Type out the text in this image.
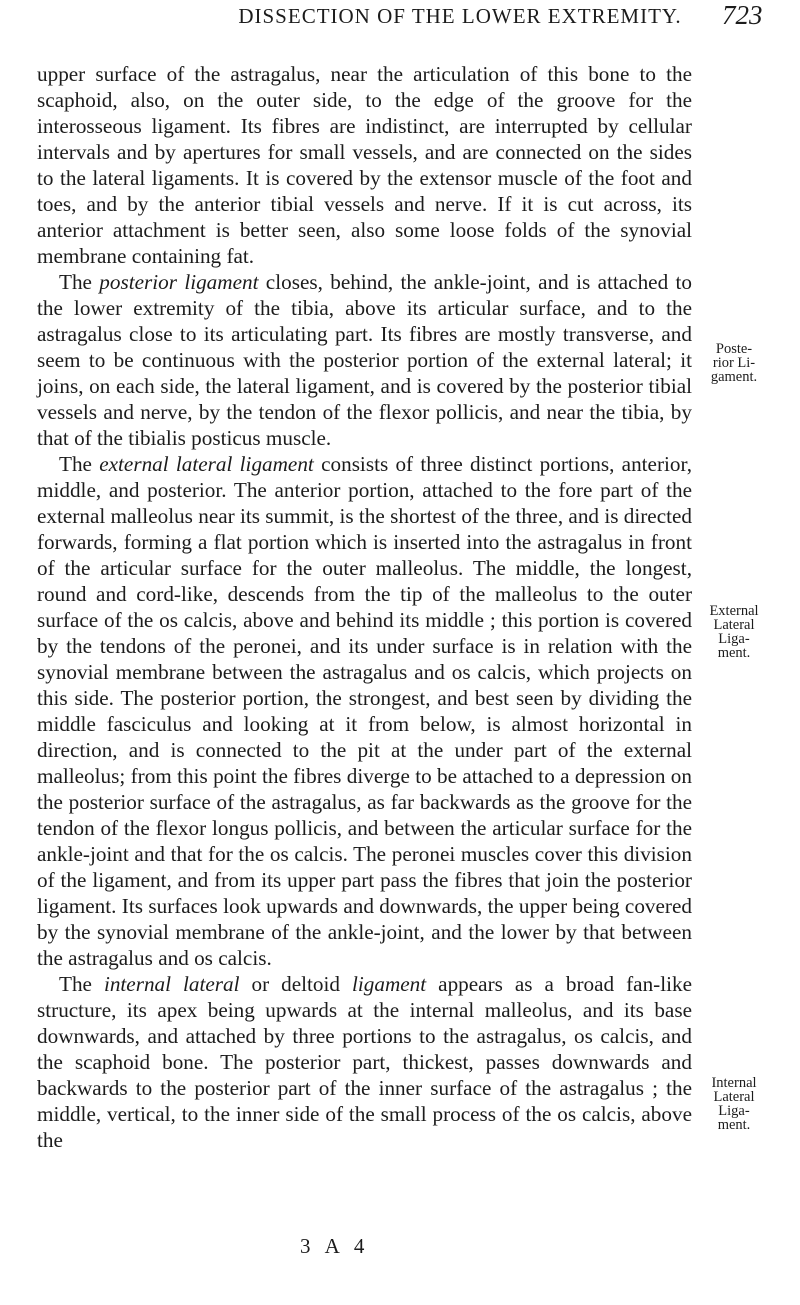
DISSECTION OF THE LOWER EXTREMITY.	723

upper surface of the astragalus, near the articulation of this bone to the scaphoid, also, on the outer side, to the edge of the groove for the interosseous ligament. Its fibres are indistinct, are interrupted by cellular intervals and by apertures for small vessels, and are connected on the sides to the lateral ligaments. It is covered by the extensor muscle of the foot and toes, and by the anterior tibial vessels and nerve. If it is cut across, its anterior attachment is better seen, also some loose folds of the synovial membrane containing fat.

The posterior ligament closes, behind, the ankle-joint, and is attached to the lower extremity of the tibia, above its articular surface, and to the astragalus close to its articulating part. Its fibres are mostly transverse, and seem to be continuous with the posterior portion of the external lateral; it joins, on each side, the lateral ligament, and is covered by the posterior tibial vessels and nerve, by the tendon of the flexor pollicis, and near the tibia, by that of the tibialis posticus muscle.

The external lateral ligament consists of three distinct portions, anterior, middle, and posterior. The anterior portion, attached to the fore part of the external malleolus near its summit, is the shortest of the three, and is directed forwards, forming a flat portion which is inserted into the astragalus in front of the articular surface for the outer malleolus. The middle, the longest, round and cord-like, descends from the tip of the malleolus to the outer surface of the os calcis, above and behind its middle ; this portion is covered by the tendons of the peronei, and its under surface is in relation with the synovial membrane between the astragalus and os calcis, which projects on this side. The posterior portion, the strongest, and best seen by dividing the middle fasciculus and looking at it from below, is almost horizontal in direction, and is connected to the pit at the under part of the external malleolus; from this point the fibres diverge to be attached to a depression on the posterior surface of the astragalus, as far backwards as the groove for the tendon of the flexor longus pollicis, and between the articular surface for the ankle-joint and that for the os calcis. The peronei muscles cover this division of the ligament, and from its upper part pass the fibres that join the posterior ligament. Its surfaces look upwards and downwards, the upper being covered by the synovial membrane of the ankle-joint, and the lower by that between the astragalus and os calcis.

The internal lateral or deltoid ligament appears as a broad fan-like structure, its apex being upwards at the internal malleolus, and its base downwards, and attached by three portions to the astragalus, os calcis, and the scaphoid bone. The posterior part, thickest, passes downwards and backwards to the posterior part of the inner surface of the astragalus ; the middle, vertical, to the inner side of the small process of the os calcis, above the

Poste-
rior Li-
gament.
External
Lateral
Liga-
ment.
Internal
Lateral
Liga-
ment.
3 A 4
